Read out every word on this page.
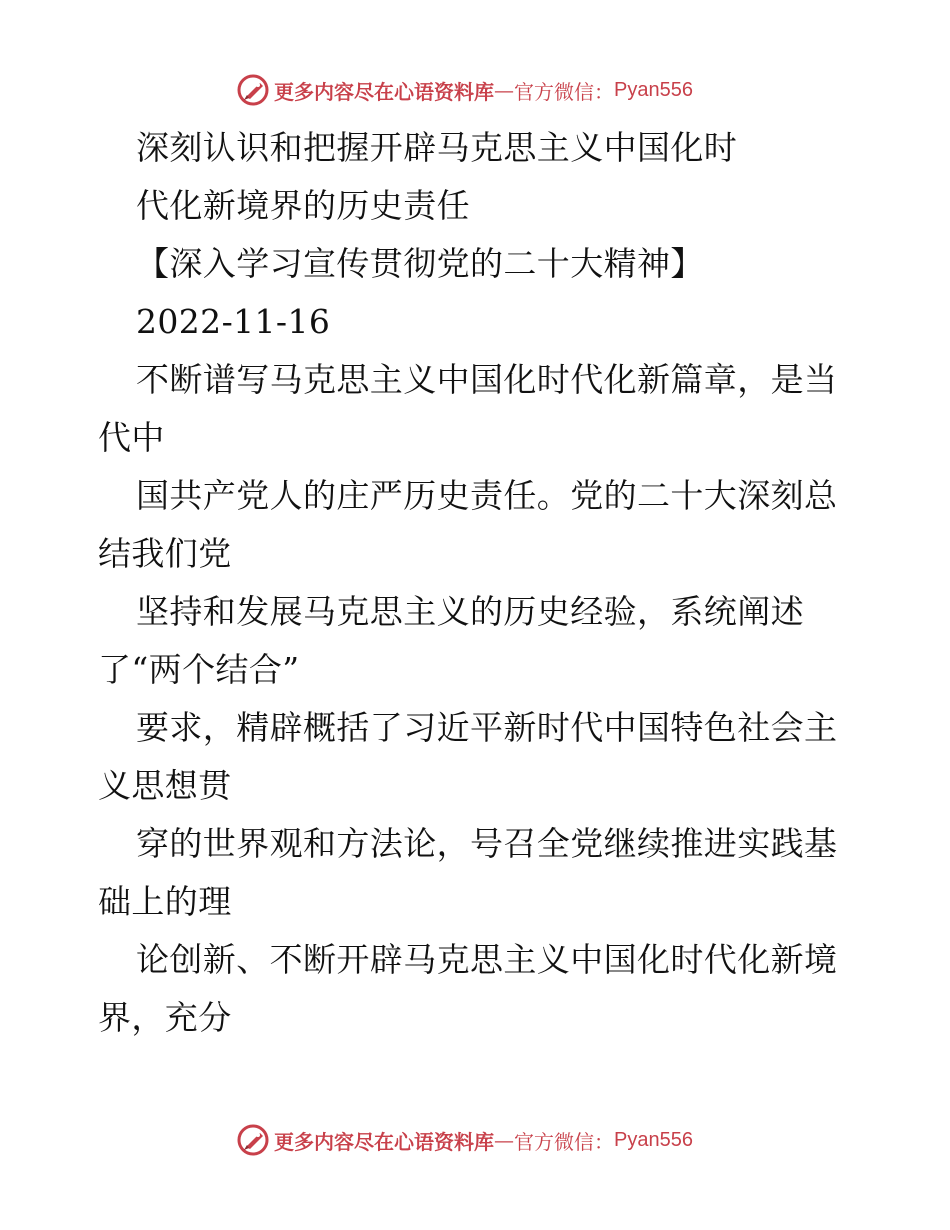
更多内容尽在心语资料库 — 官方微信： Pyan556
深刻认识和把握开辟马克思主义中国化时
代化新境界的历史责任
【深入学习宣传贯彻党的二十大精神】
2022-11-16
不断谱写马克思主义中国化时代化新篇章，是当
代中
国共产党人的庄严历史责任。党的二十大深刻总
结我们党
坚持和发展马克思主义的历史经验，系统阐述
了“两个结合”
要求，精辟概括了习近平新时代中国特色社会主
义思想贯
穿的世界观和方法论，号召全党继续推进实践基
础上的理
论创新、不断开辟马克思主义中国化时代化新境
界，充分
更多内容尽在心语资料库 — 官方微信： Pyan556
